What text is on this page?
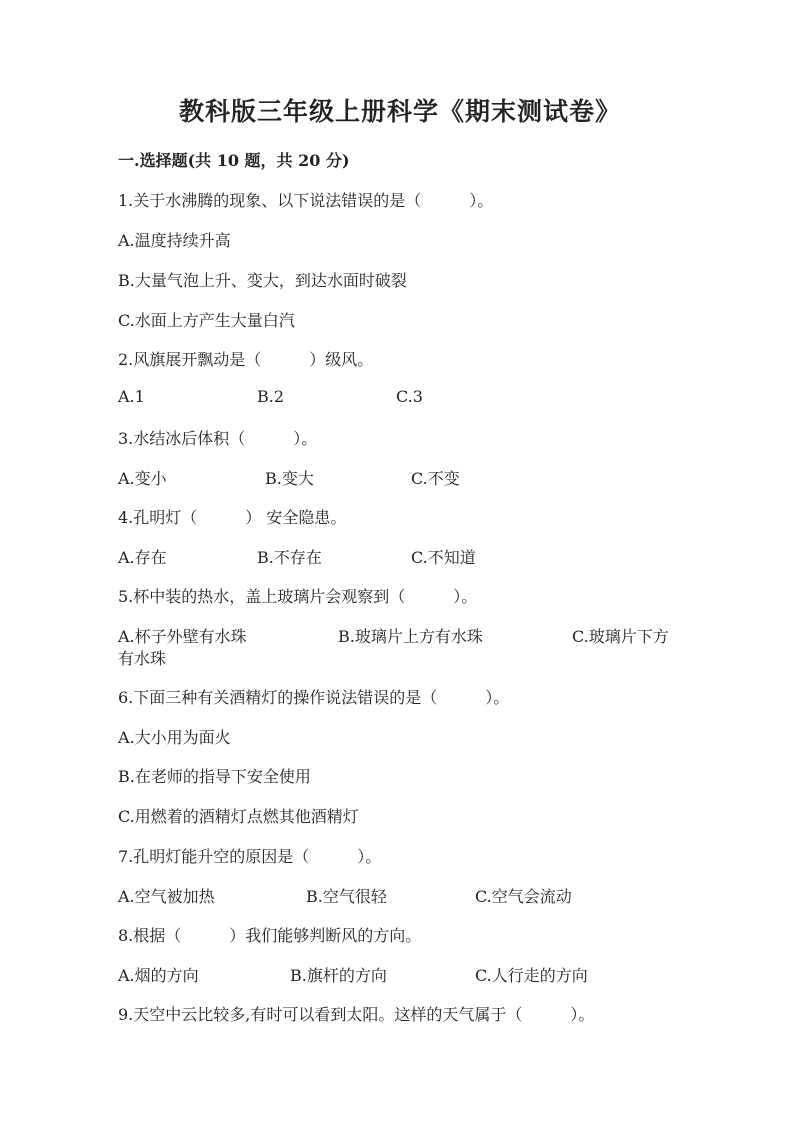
教科版三年级上册科学《期末测试卷》
一.选择题(共 10 题，共 20 分)
1.关于水沸腾的现象、以下说法错误的是（　　　）。
A.温度持续升高
B.大量气泡上升、变大，到达水面时破裂
C.水面上方产生大量白汽
2.风旗展开飘动是（　　　）级风。
A.1	B.2	C.3
3.水结冰后体积（　　　）。
A.变小	B.变大	C.不变
4.孔明灯（　　　） 安全隐患。
A.存在	B.不存在	C.不知道
5.杯中装的热水，盖上玻璃片会观察到（　　　）。
A.杯子外壁有水珠	B.玻璃片上方有水珠	C.玻璃片下方
有水珠
6.下面三种有关酒精灯的操作说法错误的是（　　　）。
A.大小用为面火
B.在老师的指导下安全使用
C.用燃着的酒精灯点燃其他酒精灯
7.孔明灯能升空的原因是（　　　）。
A.空气被加热	B.空气很轻	C.空气会流动
8.根据（　　　）我们能够判断风的方向。
A.烟的方向	B.旗杆的方向	C.人行走的方向
9.天空中云比较多,有时可以看到太阳。这样的天气属于（　　　）。
